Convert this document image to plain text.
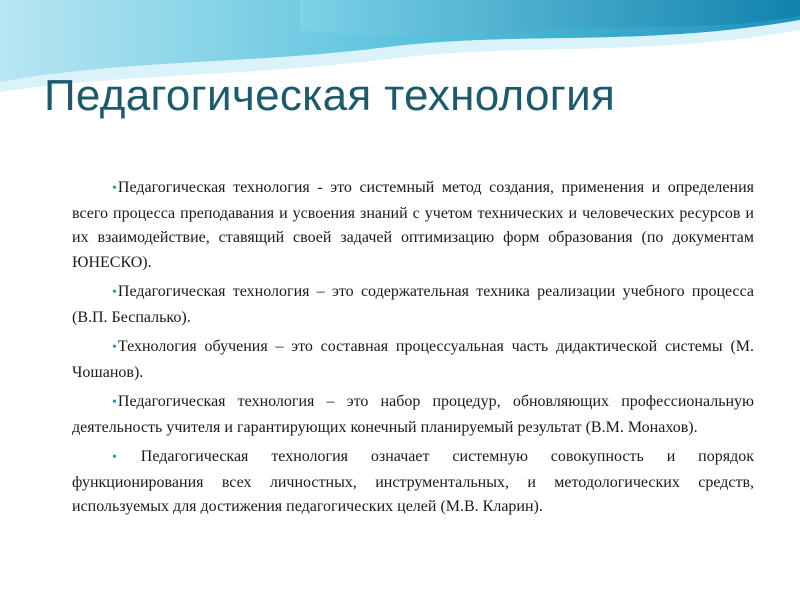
Педагогическая технология
•Педагогическая технология - это системный метод создания, применения и определения всего процесса преподавания и усвоения знаний с учетом технических и человеческих ресурсов и их взаимодействие, ставящий своей задачей оптимизацию форм образования (по документам ЮНЕСКО).
•Педагогическая технология – это содержательная техника реализации учебного процесса (В.П. Беспалько).
•Технология обучения – это составная процессуальная часть дидактической системы (М. Чошанов).
•Педагогическая технология – это набор процедур, обновляющих профессиональную деятельность учителя и гарантирующих конечный планируемый результат (В.М. Монахов).
• Педагогическая технология означает системную совокупность и порядок функционирования всех личностных, инструментальных, и методологических средств, используемых для достижения педагогических целей (М.В. Кларин).
